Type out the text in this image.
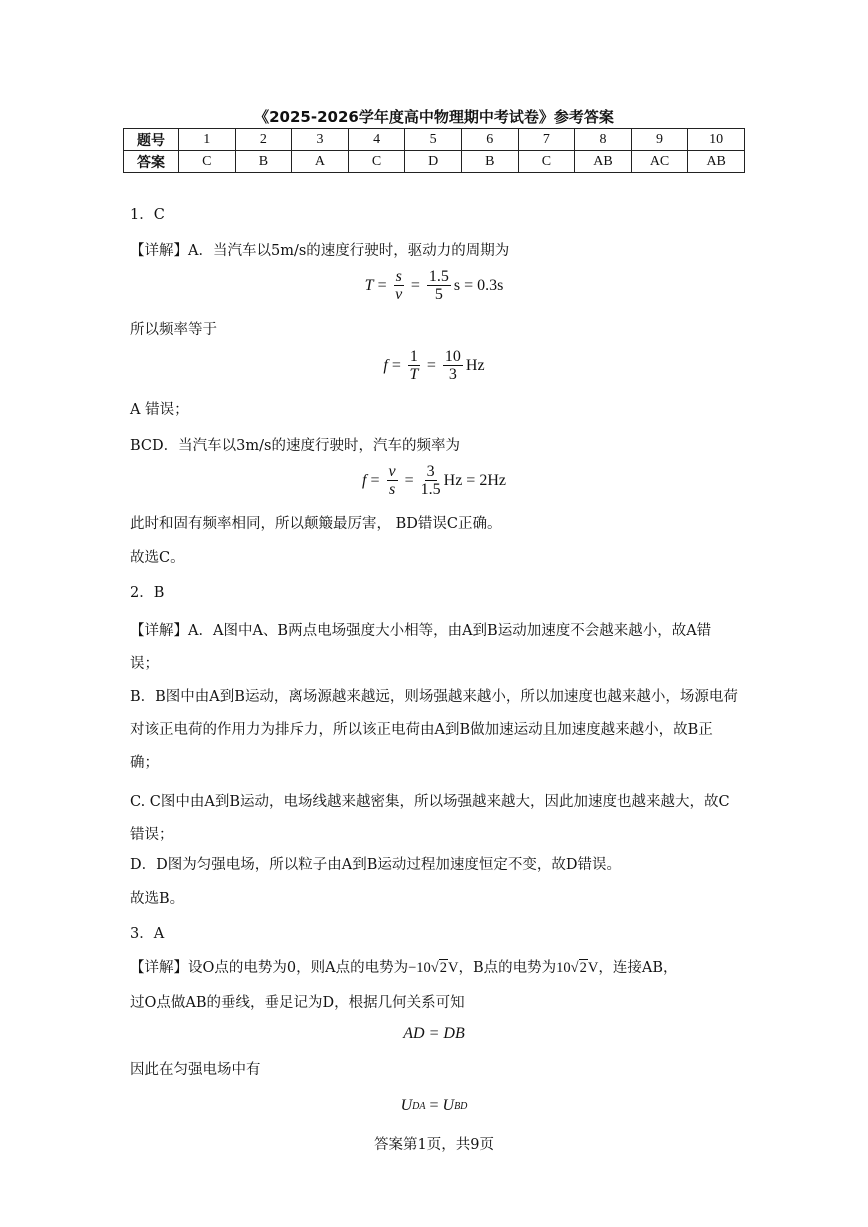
《2025-2026学年度高中物理期中考试卷》参考答案
题号	1	2	3	4	5	6	7	8	9	10
答案	C	B	A	C	D	B	C	AB	AC	AB
1．C
【详解】A．当汽车以5m/s的速度行驶时，驱动力的周期为
$T = \frac{s}{v} = \frac{1.5}{5}$ s = 0.3s
所以频率等于
$f = \frac{1}{T} = \frac{10}{3}$ Hz
A 错误；
BCD．当汽车以3m/s的速度行驶时，汽车的频率为
$f = \frac{v}{s} = \frac{3}{1.5}$ Hz = 2Hz
此时和固有频率相同，所以颠簸最厉害， BD错误C正确。
故选C。
2．B
【详解】A．A图中A、B两点电场强度大小相等，由A到B运动加速度不会越来越小，故A错误；
B．B图中由A到B运动，离场源越来越远，则场强越来越小，所以加速度也越来越小，场源电荷对该正电荷的作用力为排斥力，所以该正电荷由A到B做加速运动且加速度越来越小，故B正确；
C. C图中由A到B运动，电场线越来越密集，所以场强越来越大，因此加速度也越来越大，故C错误；
D．D图为匀强电场，所以粒子由A到B运动过程加速度恒定不变，故D错误。
故选B。
3．A
【详解】设O点的电势为0，则A点的电势为−10√2V，B点的电势为10√2V，连接AB，
过O点做AB的垂线，垂足记为D，根据几何关系可知
AD = DB
因此在匀强电场中有
U DA = U BD
答案第1页，共9页
